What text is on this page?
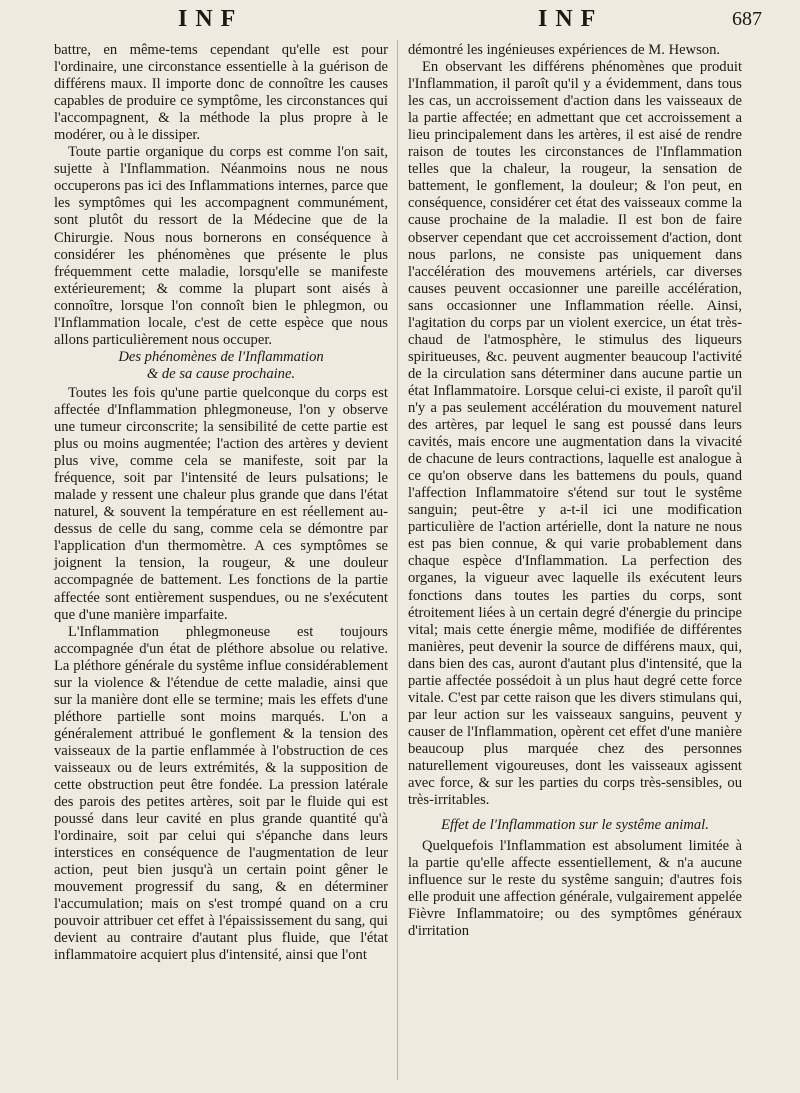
INF	INF	687

battre, en même-tems cependant qu'elle est pour l'ordinaire, une circonstance essentielle à la guérison de différens maux. Il importe donc de connoître les causes capables de produire ce symptôme, les circonstances qui l'accompagnent, & la méthode la plus propre à le modérer, ou à le dissiper.

Toute partie organique du corps est comme l'on sait, sujette à l'Inflammation. Néanmoins nous ne nous occuperons pas ici des Inflammations internes, parce que les symptômes qui les accompagnent communément, sont plutôt du ressort de la Médecine que de la Chirurgie. Nous nous bornerons en conséquence à considérer les phénomènes que présente le plus fréquemment cette maladie, lorsqu'elle se manifeste extérieurement; & comme la plupart sont aisés à connoître, lorsque l'on connoît bien le phlegmon, ou l'Inflammation locale, c'est de cette espèce que nous allons particulièrement nous occuper.

Des phénomènes de l'Inflammation

& de sa cause prochaine.

Toutes les fois qu'une partie quelconque du corps est affectée d'Inflammation phlegmoneuse, l'on y observe une tumeur circonscrite; la sensibilité de cette partie est plus ou moins augmentée; l'action des artères y devient plus vive, comme cela se manifeste, soit par la fréquence, soit par l'intensité de leurs pulsations; le malade y ressent une chaleur plus grande que dans l'état naturel, & souvent la température en est réellement au-dessus de celle du sang, comme cela se démontre par l'application d'un thermomètre. A ces symptômes se joignent la tension, la rougeur, & une douleur accompagnée de battement. Les fonctions de la partie affectée sont entièrement suspendues, ou ne s'exécutent que d'une manière imparfaite.

L'Inflammation phlegmoneuse est toujours accompagnée d'un état de pléthore absolue ou relative. La pléthore générale du systême influe considérablement sur la violence & l'étendue de cette maladie, ainsi que sur la manière dont elle se termine; mais les effets d'une pléthore partielle sont moins marqués. L'on a généralement attribué le gonflement & la tension des vaisseaux de la partie enflammée à l'obstruction de ces vaisseaux ou de leurs extrémités, & la supposition de cette obstruction peut être fondée. La pression latérale des parois des petites artères, soit par le fluide qui est poussé dans leur cavité en plus grande quantité qu'à l'ordinaire, soit par celui qui s'épanche dans leurs interstices en conséquence de l'augmentation de leur action, peut bien jusqu'à un certain point gêner le mouvement progressif du sang, & en déterminer l'accumulation; mais on s'est trompé quand on a cru pouvoir attribuer cet effet à l'épaississement du sang, qui devient au contraire d'autant plus fluide, que l'état inflammatoire acquiert plus d'intensité, ainsi que l'ont

démontré les ingénieuses expériences de M. Hewson.

En observant les différens phénomènes que produit l'Inflammation, il paroît qu'il y a évidemment, dans tous les cas, un accroissement d'action dans les vaisseaux de la partie affectée; en admettant que cet accroissement a lieu principalement dans les artères, il est aisé de rendre raison de toutes les circonstances de l'Inflammation telles que la chaleur, la rougeur, la sensation de battement, le gonflement, la douleur; & l'on peut, en conséquence, considérer cet état des vaisseaux comme la cause prochaine de la maladie. Il est bon de faire observer cependant que cet accroissement d'action, dont nous parlons, ne consiste pas uniquement dans l'accélération des mouvemens artériels, car diverses causes peuvent occasionner une pareille accélération, sans occasionner une Inflammation réelle. Ainsi, l'agitation du corps par un violent exercice, un état très-chaud de l'atmosphère, le stimulus des liqueurs spiritueuses, &c. peuvent augmenter beaucoup l'activité de la circulation sans déterminer dans aucune partie un état Inflammatoire. Lorsque celui-ci existe, il paroît qu'il n'y a pas seulement accélération du mouvement naturel des artères, par lequel le sang est poussé dans leurs cavités, mais encore une augmentation dans la vivacité de chacune de leurs contractions, laquelle est analogue à ce qu'on observe dans les battemens du pouls, quand l'affection Inflammatoire s'étend sur tout le systême sanguin; peut-être y a-t-il ici une modification particulière de l'action artérielle, dont la nature ne nous est pas bien connue, & qui varie probablement dans chaque espèce d'Inflammation. La perfection des organes, la vigueur avec laquelle ils exécutent leurs fonctions dans toutes les parties du corps, sont étroitement liées à un certain degré d'énergie du principe vital; mais cette énergie même, modifiée de différentes manières, peut devenir la source de différens maux, qui, dans bien des cas, auront d'autant plus d'intensité, que la partie affectée possédoit à un plus haut degré cette force vitale. C'est par cette raison que les divers stimulans qui, par leur action sur les vaisseaux sanguins, peuvent y causer de l'Inflammation, opèrent cet effet d'une manière beaucoup plus marquée chez des personnes naturellement vigoureuses, dont les vaisseaux agissent avec force, & sur les parties du corps très-sensibles, ou très-irritables.

Effet de l'Inflammation sur le systême animal.

Quelquefois l'Inflammation est absolument limitée à la partie qu'elle affecte essentiellement, & n'a aucune influence sur le reste du systême sanguin; d'autres fois elle produit une affection générale, vulgairement appelée Fièvre Inflammatoire; ou des symptômes généraux d'irritation
